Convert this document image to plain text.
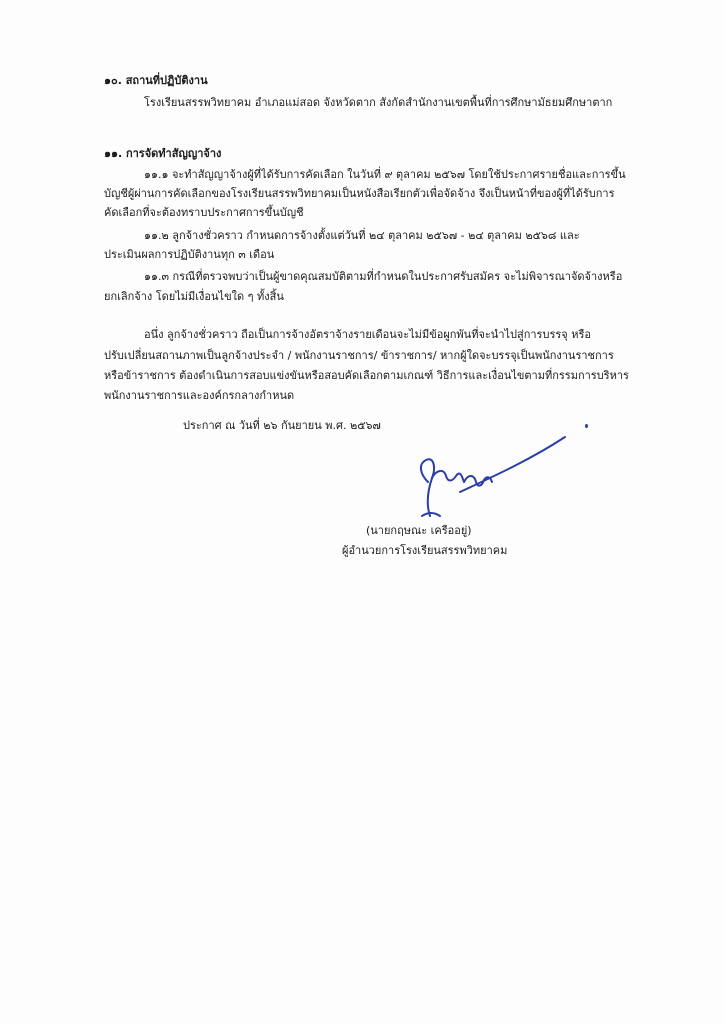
๑๐. สถานที่ปฏิบัติงาน
โรงเรียนสรรพวิทยาคม อำเภอแม่สอด จังหวัดตาก สังกัดสำนักงานเขตพื้นที่การศึกษามัธยมศึกษาตาก
๑๑. การจัดทำสัญญาจ้าง
๑๑.๑ จะทำสัญญาจ้างผู้ที่ได้รับการคัดเลือก ในวันที่ ๙ ตุลาคม ๒๕๖๗ โดยใช้ประกาศรายชื่อและการขึ้น
บัญชีผู้ผ่านการคัดเลือกของโรงเรียนสรรพวิทยาคมเป็นหนังสือเรียกตัวเพื่อจัดจ้าง จึงเป็นหน้าที่ของผู้ที่ได้รับการ
คัดเลือกที่จะต้องทราบประกาศการขึ้นบัญชี
๑๑.๒ ลูกจ้างชั่วคราว กำหนดการจ้างตั้งแต่วันที่ ๒๔ ตุลาคม ๒๕๖๗ - ๒๔ ตุลาคม ๒๕๖๘ และ
ประเมินผลการปฏิบัติงานทุก ๓ เดือน
๑๑.๓ กรณีที่ตรวจพบว่าเป็นผู้ขาดคุณสมบัติตามที่กำหนดในประกาศรับสมัคร จะไม่พิจารณาจัดจ้างหรือ
ยกเลิกจ้าง โดยไม่มีเงื่อนไขใด ๆ ทั้งสิ้น
อนึ่ง ลูกจ้างชั่วคราว ถือเป็นการจ้างอัตราจ้างรายเดือนจะไม่มีข้อผูกพันที่จะนำไปสู่การบรรจุ หรือ
ปรับเปลี่ยนสถานภาพเป็นลูกจ้างประจำ / พนักงานราชการ/ ข้าราชการ/ หากผู้ใดจะบรรจุเป็นพนักงานราชการ
หรือข้าราชการ ต้องดำเนินการสอบแข่งขันหรือสอบคัดเลือกตามเกณฑ์ วิธีการและเงื่อนไขตามที่กรรมการบริหาร
พนักงานราชการและองค์กรกลางกำหนด
ประกาศ ณ วันที่ ๒๖ กันยายน พ.ศ. ๒๕๖๗
(นายกฤษณะ เครืออยู่)
ผู้อำนวยการโรงเรียนสรรพวิทยาคม
